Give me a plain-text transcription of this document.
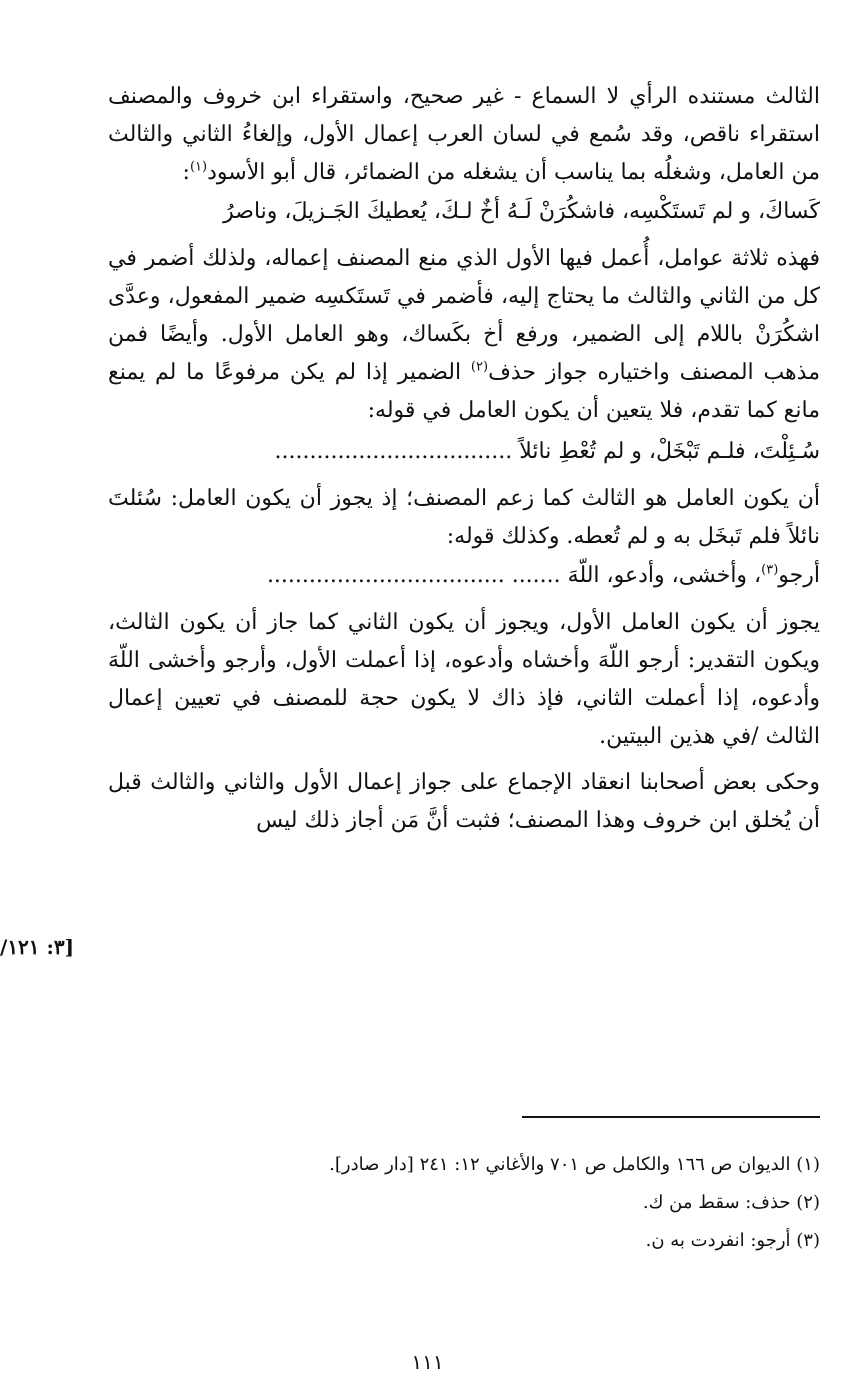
الثالث مستنده الرأي لا السماع - غير صحيح، واستقراء ابن خروف والمصنف استقراء ناقص، وقد سُمع في لسان العرب إعمال الأول، وإلغاءُ الثاني والثالث من العامل، وشغلُه بما يناسب أن يشغله من الضمائر، قال أبو الأسود$^{(١)}$:

كَساكَ، و لم تَستَكْسِه، فاشكُرَنْ لَـهُ أخٌ لـكَ، يُعطيكَ الجَـزيلَ، وناصرُ

فهذه ثلاثة عوامل، أُعمل فيها الأول الذي منع المصنف إعماله، ولذلك أضمر في كل من الثاني والثالث ما يحتاج إليه، فأضمر في تَستَكسِه ضمير المفعول، وعدَّى اشكُرَنْ باللام إلى الضمير، ورفع أخ بكَساك، وهو العامل الأول. وأيضًا فمن مذهب المصنف واختياره جواز حذف$^{(٢)}$ الضمير إذا لم يكن مرفوعًا ما لم يمنع مانع كما تقدم، فلا يتعين أن يكون العامل في قوله:

سُـئِلْتَ، فلـم تَبْخَلْ، و لم تُعْطِ نائلاً ..................................

أن يكون العامل هو الثالث كما زعم المصنف؛ إذ يجوز أن يكون العامل: سُئلتَ نائلاً فلم تَبخَل به و لم تُعطه. وكذلك قوله:

أرجو$^{(٣)}$، وأخشى، وأدعو، اللّهَ ....... ..................................

يجوز أن يكون العامل الأول، ويجوز أن يكون الثاني كما جاز أن يكون الثالث، ويكون التقدير: أرجو اللّهَ وأخشاه وأدعوه، إذا أعملت الأول، وأرجو وأخشى اللّهَ وأدعوه، إذا أعملت الثاني، فإذ ذاك لا يكون حجة للمصنف في تعيين إعمال الثالث /في هذين البيتين.

وحكى بعض أصحابنا انعقاد الإجماع على جواز إعمال الأول والثاني والثالث قبل أن يُخلق ابن خروف وهذا المصنف؛ فثبت أنَّ مَن أجاز ذلك ليس

[٣: ١٢١/

(١) الديوان ص ١٦٦ والكامل ص ٧٠١ والأغاني ١٢: ٢٤١ [دار صادر].

(٢) حذف: سقط من ك.

(٣) أرجو: انفردت به ن.

١١١
